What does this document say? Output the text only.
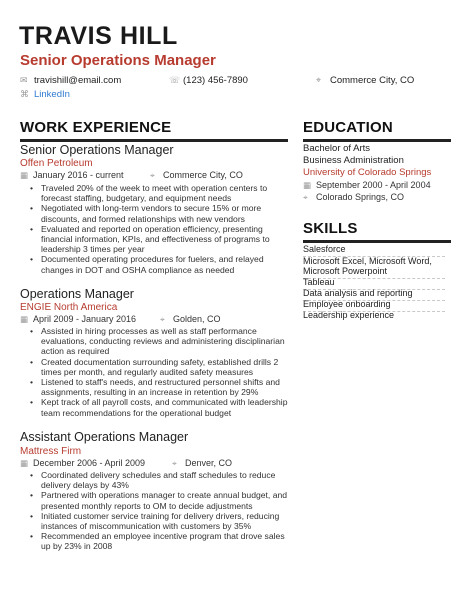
TRAVIS HILL
Senior Operations Manager
✉ travishill@email.com	☏ (123) 456-7890	⌖ Commerce City, CO
⌘ LinkedIn
WORK EXPERIENCE
Senior Operations Manager
Offen Petroleum
▦ January 2016 - current	⌖ Commerce City, CO
• Traveled 20% of the week to meet with operation centers to forecast staffing, budgetary, and equipment needs
• Negotiated with long-term vendors to secure 15% or more discounts, and formed relationships with new vendors
• Evaluated and reported on operation efficiency, presenting financial information, KPIs, and effectiveness of programs to leadership 3 times per year
• Documented operating procedures for fuelers, and relayed changes in DOT and OSHA compliance as needed
Operations Manager
ENGIE North America
▦ April 2009 - January 2016	⌖ Golden, CO
• Assisted in hiring processes as well as staff performance evaluations, conducting reviews and administering disciplinarian action as required
• Created documentation surrounding safety, established drills 2 times per month, and regularly audited safety measures
• Listened to staff's needs, and restructured personnel shifts and assignments, resulting in an increase in retention by 29%
• Kept track of all payroll costs, and communicated with leadership team recommendations for the operational budget
Assistant Operations Manager
Mattress Firm
▦ December 2006 - April 2009	⌖ Denver, CO
• Coordinated delivery schedules and staff schedules to reduce delivery delays by 43%
• Partnered with operations manager to create annual budget, and presented monthly reports to OM to decide adjustments
• Initiated customer service training for delivery drivers, reducing instances of miscommunication with customers by 35%
• Recommended an employee incentive program that drove sales up by 23% in 2008
EDUCATION
Bachelor of Arts
Business Administration
University of Colorado Springs
▦ September 2000 - April 2004
⌖ Colorado Springs, CO
SKILLS
Salesforce
Microsoft Excel, Microsoft Word,
Microsoft Powerpoint
Tableau
Data analysis and reporting
Employee onboarding
Leadership experience
